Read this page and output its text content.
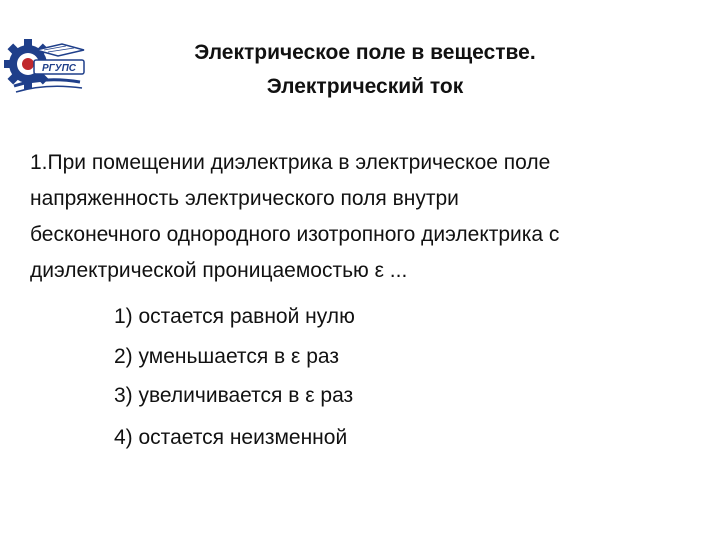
РГУПС
Электрическое поле в веществе.
Электрический ток
1.При помещении диэлектрика в электрическое поле
напряженность электрического поля внутри
бесконечного однородного изотропного диэлектрика с
диэлектрической проницаемостью ε ...
1) остается равной нулю
2) уменьшается в ε раз
3) увеличивается в ε раз
4) остается неизменной
